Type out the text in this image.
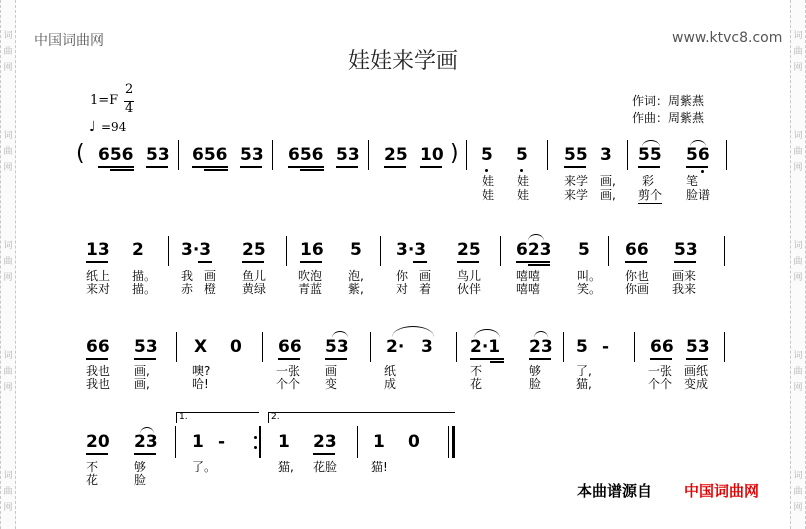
词
曲
网
词
曲
网
词
曲
网
词
曲
网
词
曲
网
词
曲
网
词
曲
网
词
曲
网
词
曲
网
词
曲
网
中国词曲网	www.ktvc8.com
娃娃来学画
1=F
2
4
♩ =94
作词：周紫燕
作曲：周紫燕
( 656 53 656 53 656 53 25 10 ) 5 5 55 3 55 56
娃 娃	来学 画, 彩	笔
娃 娃	来学 画, 剪个 脸谱
13 2 3·3 25 16 5 3·3 25 623 5 66 53
纸上 描。 我 画 鱼儿	吹泡 泡,	你 画 鸟儿	嘻嘻	叫。 你也 画来
来对 描。 赤 橙 黄绿	青蓝 紫,	对 着 伙伴	嘻嘻	笑。 你画 我来
66 53 X 0 66 53 2· 3 2·1 23 5 - 66 53
我也 画,	噢?	一张 画	纸	不	够	了,	一张 画纸
我也 画,	哈!	个个 变	成	花	脸	猫,	个个 变成
20 23
1.
1 -
2.
1 23 1 0
不	够	了。	猫, 花脸	猫!
花	脸
本曲谱源自 中国词曲网
